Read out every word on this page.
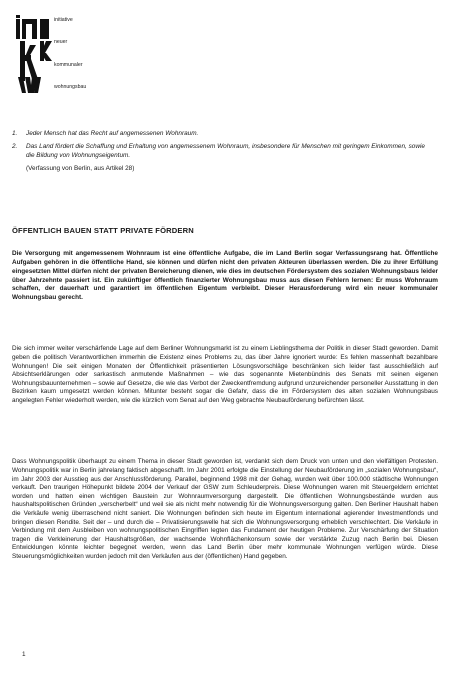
initiative
neuer
kommunaler
wohnungsbau
1.	Jeder Mensch hat das Recht auf angemessenen Wohnraum.
2.	Das Land fördert die Schaffung und Erhaltung von angemessenem Wohnraum, insbesondere für Menschen mit geringem Einkommen, sowie die Bildung von Wohnungseigentum.
(Verfassung von Berlin, aus Artikel 28)
ÖFFENTLICH BAUEN STATT PRIVATE FÖRDERN

Die Versorgung mit angemessenem Wohnraum ist eine öffentliche Aufgabe, die im Land Berlin sogar Verfassungsrang hat. Öffentliche Aufgaben gehören in die öffentliche Hand, sie können und dürfen nicht den privaten Akteuren überlassen werden. Die zu ihrer Erfüllung eingesetzten Mittel dürfen nicht der privaten Bereicherung dienen, wie dies im deutschen Fördersystem des sozialen Wohnungsbaus leider über Jahrzehnte passiert ist. Ein zukünftiger öffentlich finanzierter Wohnungsbau muss aus diesen Fehlern lernen: Er muss Wohnraum schaffen, der dauerhaft und garantiert im öffentlichen Eigentum verbleibt. Dieser Herausforderung wird ein neuer kommunaler Wohnungsbau gerecht.

Die sich immer weiter verschärfende Lage auf dem Berliner Wohnungsmarkt ist zu einem Lieblingsthema der Politik in dieser Stadt geworden. Damit geben die politisch Verantwortlichen immerhin die Existenz eines Problems zu, das über Jahre ignoriert wurde: Es fehlen massenhaft bezahlbare Wohnungen! Die seit einigen Monaten der Öffentlichkeit präsentierten Lösungsvorschläge beschränken sich leider fast ausschließlich auf Absichtserklärungen oder sarkastisch anmutende Maßnahmen – wie das sogenannte Mietenbündnis des Senats mit seinen eigenen Wohnungsbauunternehmen – sowie auf Gesetze, die wie das Verbot der Zweckentfremdung aufgrund unzureichender personeller Ausstattung in den Bezirken kaum umgesetzt werden können. Mitunter besteht sogar die Gefahr, dass die im Fördersystem des alten sozialen Wohnungsbaus angelegten Fehler wiederholt werden, wie die kürzlich vom Senat auf den Weg gebrachte Neubauförderung befürchten lässt.

Dass Wohnungspolitik überhaupt zu einem Thema in dieser Stadt geworden ist, verdankt sich dem Druck von unten und den vielfältigen Protesten. Wohnungspolitik war in Berlin jahrelang faktisch abgeschafft. Im Jahr 2001 erfolgte die Einstellung der Neubauförderung im „sozialen Wohnungsbau“, im Jahr 2003 der Ausstieg aus der Anschlussförderung. Parallel, beginnend 1998 mit der Gehag, wurden weit über 100.000 städtische Wohnungen verkauft. Den traurigen Höhepunkt bildete 2004 der Verkauf der GSW zum Schleuderpreis. Diese Wohnungen waren mit Steuergeldern errichtet worden und hatten einen wichtigen Baustein zur Wohnraumversorgung dargestellt. Die öffentlichen Wohnungsbestände wurden aus haushaltspolitischen Gründen „verscherbelt“ und weil sie als nicht mehr notwendig für die Wohnungsversorgung galten. Den Berliner Haushalt haben die Verkäufe wenig überraschend nicht saniert. Die Wohnungen befinden sich heute im Eigentum international agierender Investmentfonds und bringen diesen Rendite. Seit der – und durch die – Privatisierungswelle hat sich die Wohnungsversorgung erheblich verschlechtert. Die Verkäufe in Verbindung mit dem Ausbleiben von wohnungspolitischen Eingriffen legten das Fundament der heutigen Probleme. Zur Verschärfung der Situation tragen die Verkleinerung der Haushaltsgrößen, der wachsende Wohnflächenkonsum sowie der verstärkte Zuzug nach Berlin bei. Diesen Entwicklungen könnte leichter begegnet werden, wenn das Land Berlin über mehr kommunale Wohnungen verfügen würde. Diese Steuerungsmöglichkeiten wurden jedoch mit den Verkäufen aus der (öffentlichen) Hand gegeben.

1
